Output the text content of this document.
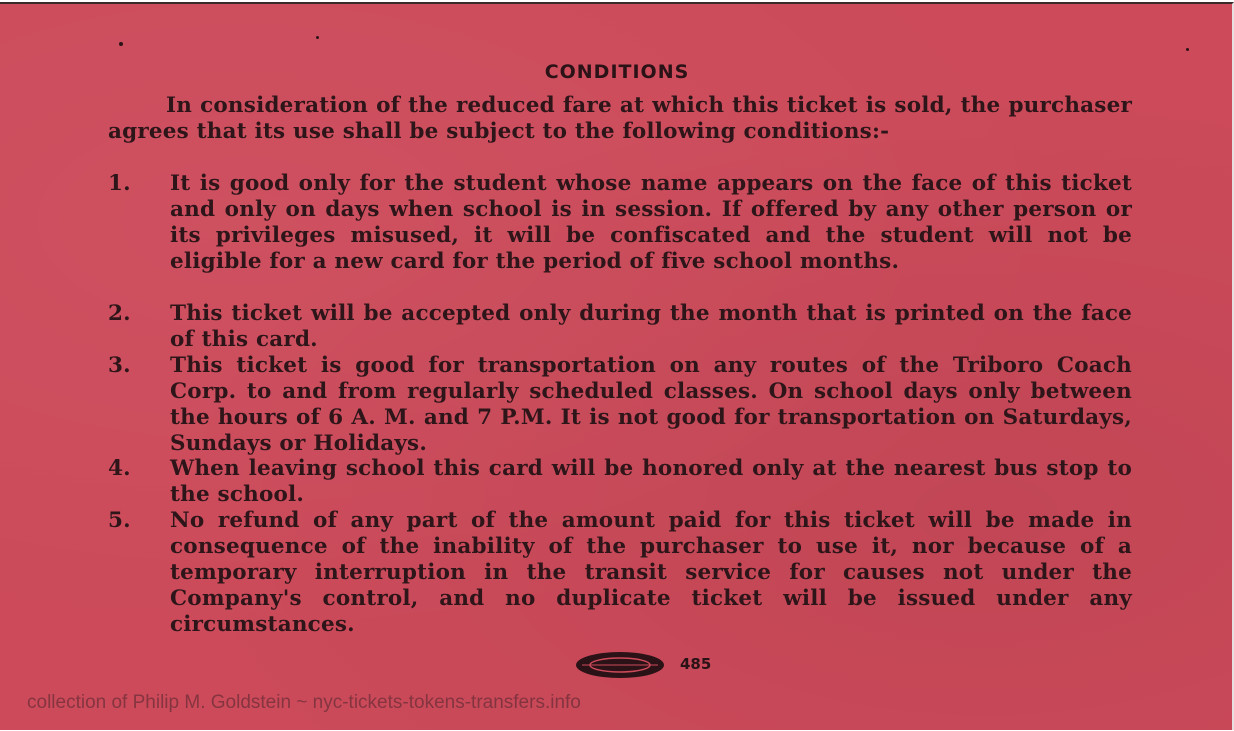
CONDITIONS
In consideration of the reduced fare at which this ticket is sold, the purchaser agrees that its use shall be subject to the following conditions:-
1.	It is good only for the student whose name appears on the face of this ticket and only on days when school is in session. If offered by any other person or its privileges misused, it will be confiscated and the student will not be eligible for a new card for the period of five school months.
2.	This ticket will be accepted only during the month that is printed on the face of this card.
3.	This ticket is good for transportation on any routes of the Triboro Coach Corp. to and from regularly scheduled classes. On school days only between the hours of 6 A. M. and 7 P.M. It is not good for transportation on Saturdays, Sundays or Holidays.
4.	When leaving school this card will be honored only at the nearest bus stop to the school.
5.	No refund of any part of the amount paid for this ticket will be made in consequence of the inability of the purchaser to use it, nor because of a temporary interruption in the transit service for causes not under the Company's control, and no duplicate ticket will be issued under any circumstances.
485
collection of Philip M. Goldstein ~ nyc-tickets-tokens-transfers.info
